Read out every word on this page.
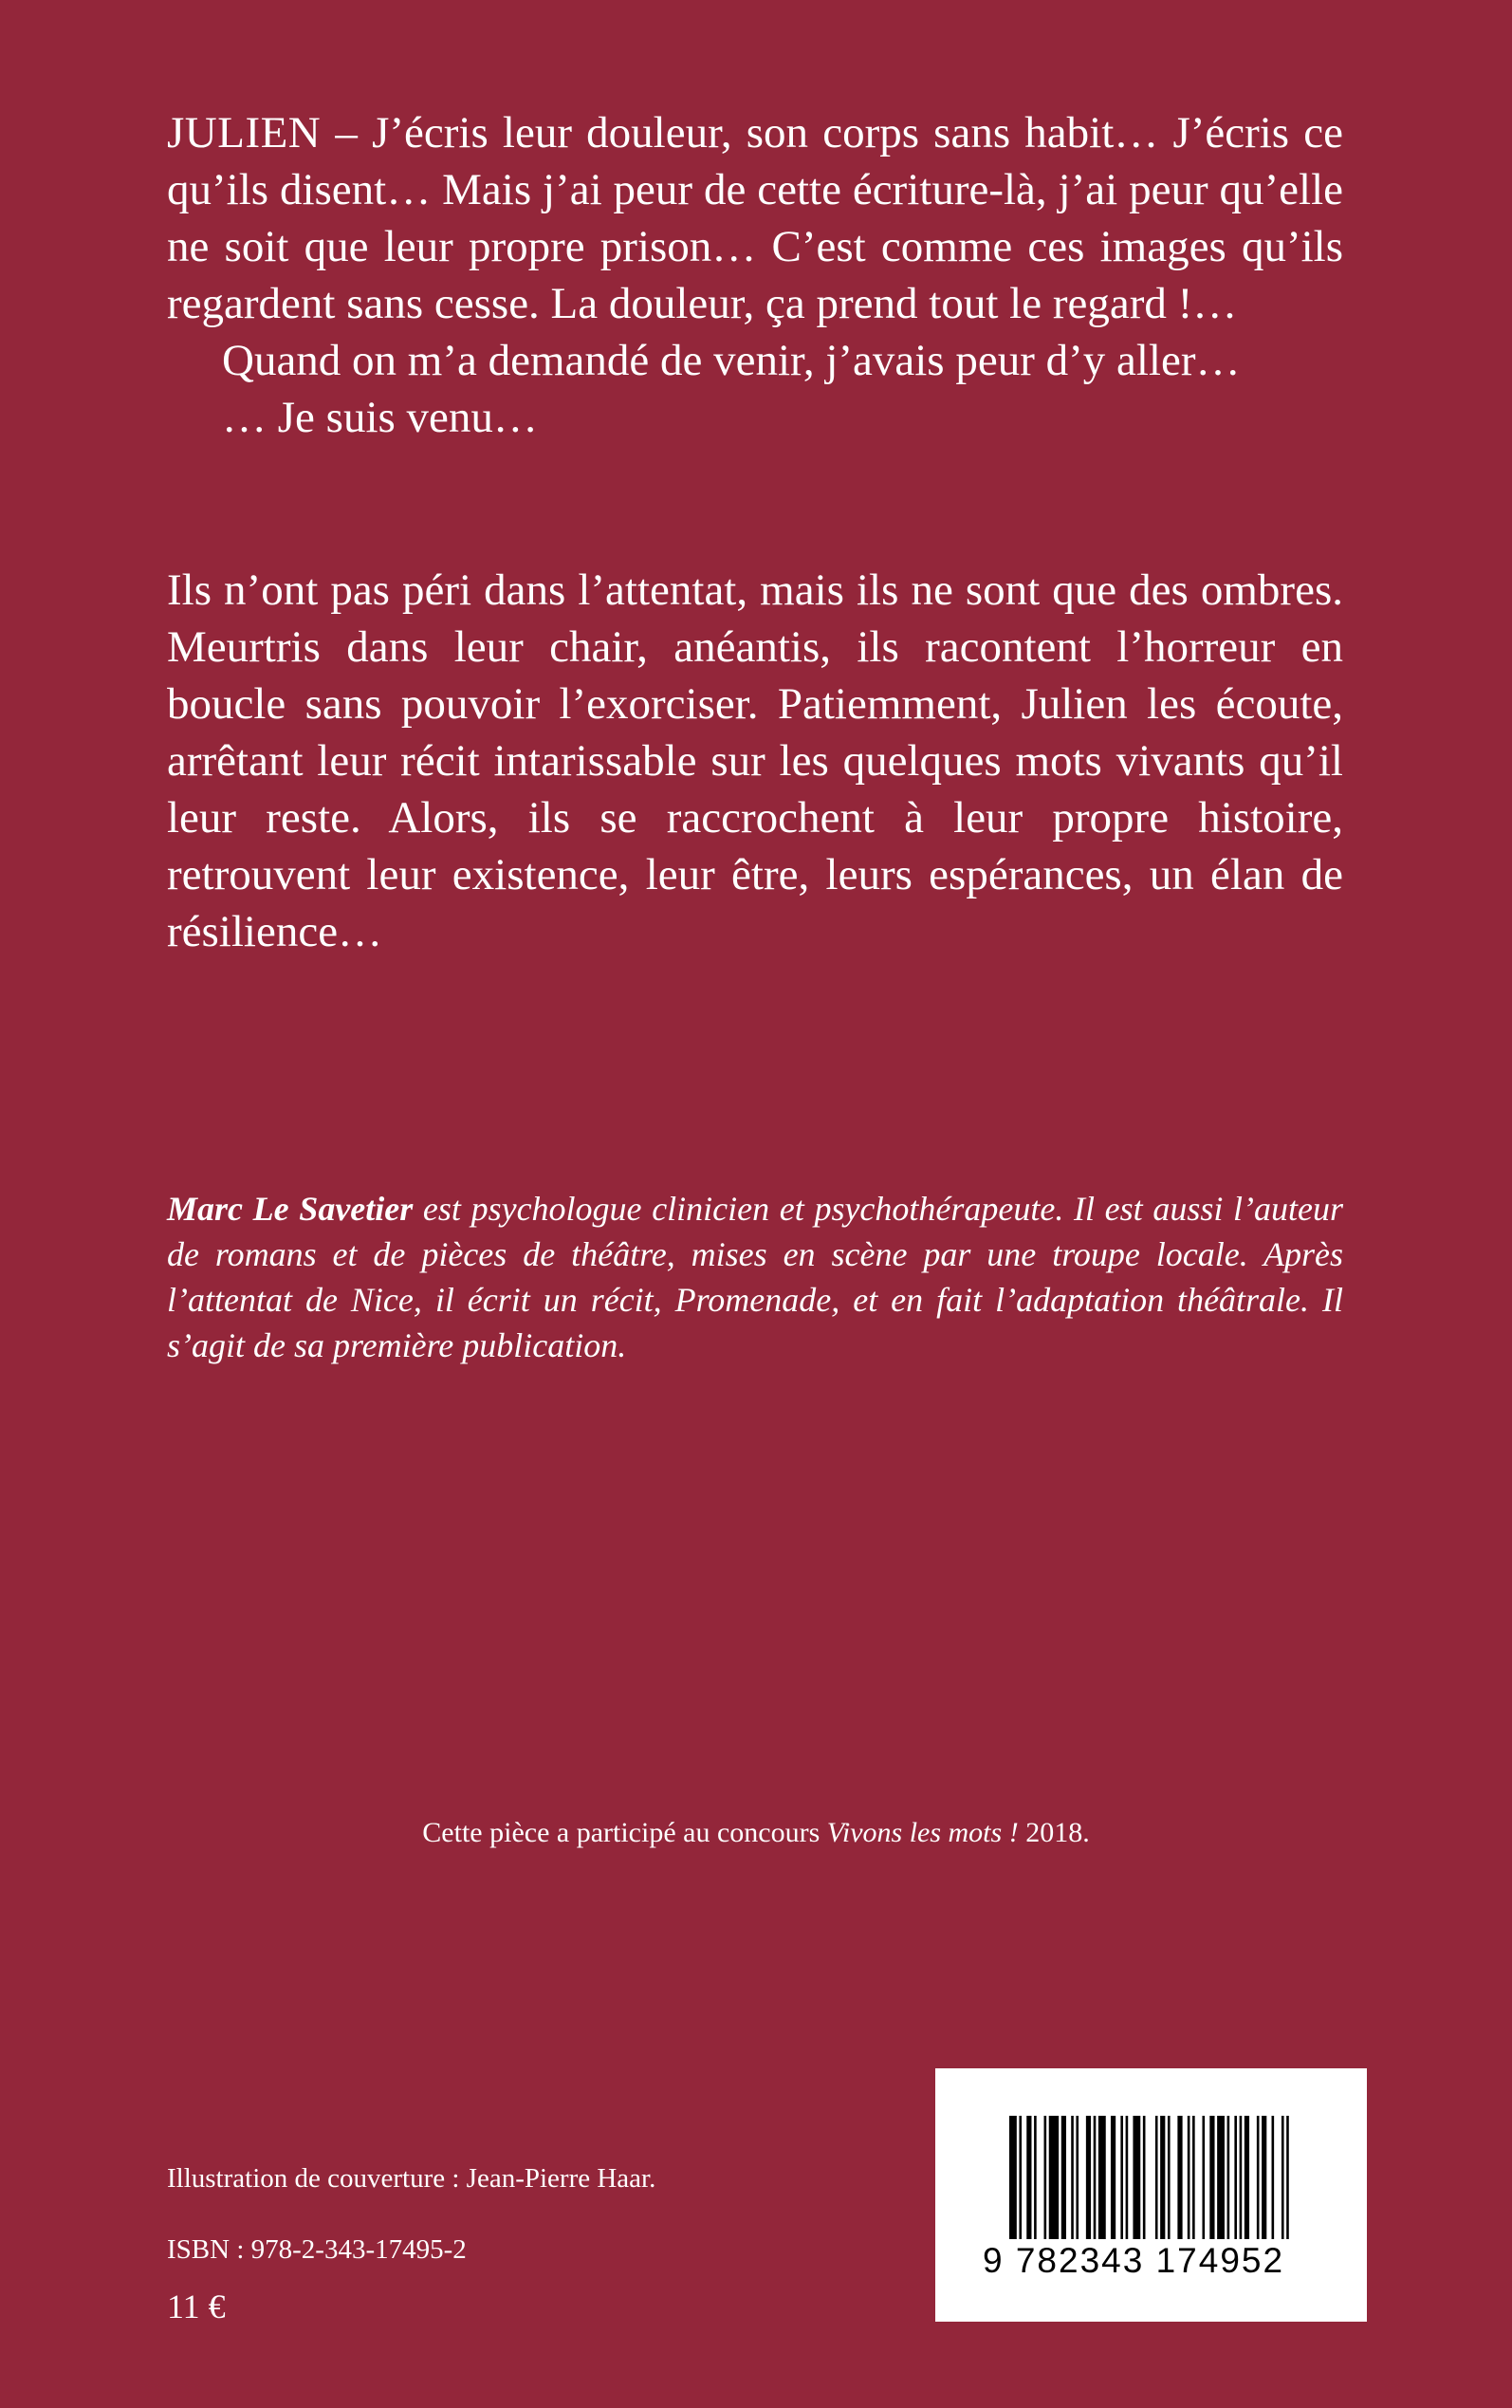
JULIEN – J’écris leur douleur, son corps sans habit… J’écris ce qu’ils disent… Mais j’ai peur de cette écriture-là, j’ai peur qu’elle ne soit que leur propre prison… C’est comme ces images qu’ils regardent sans cesse. La douleur, ça prend tout le regard !…

Quand on m’a demandé de venir, j’avais peur d’y aller…

… Je suis venu…

Ils n’ont pas péri dans l’attentat, mais ils ne sont que des ombres. Meurtris dans leur chair, anéantis, ils racontent l’horreur en boucle sans pouvoir l’exorciser. Patiemment, Julien les écoute, arrêtant leur récit intarissable sur les quelques mots vivants qu’il leur reste. Alors, ils se raccrochent à leur propre histoire, retrouvent leur existence, leur être, leurs espérances, un élan de résilience…

Marc Le Savetier est psychologue clinicien et psychothérapeute. Il est aussi l’auteur de romans et de pièces de théâtre, mises en scène par une troupe locale. Après l’attentat de Nice, il écrit un récit, Promenade, et en fait l’adaptation théâtrale. Il s’agit de sa première publication.

Cette pièce a participé au concours Vivons les mots ! 2018.

Illustration de couverture : Jean-Pierre Haar.

ISBN : 978-2-343-17495-2

11 €

9 782343 174952
